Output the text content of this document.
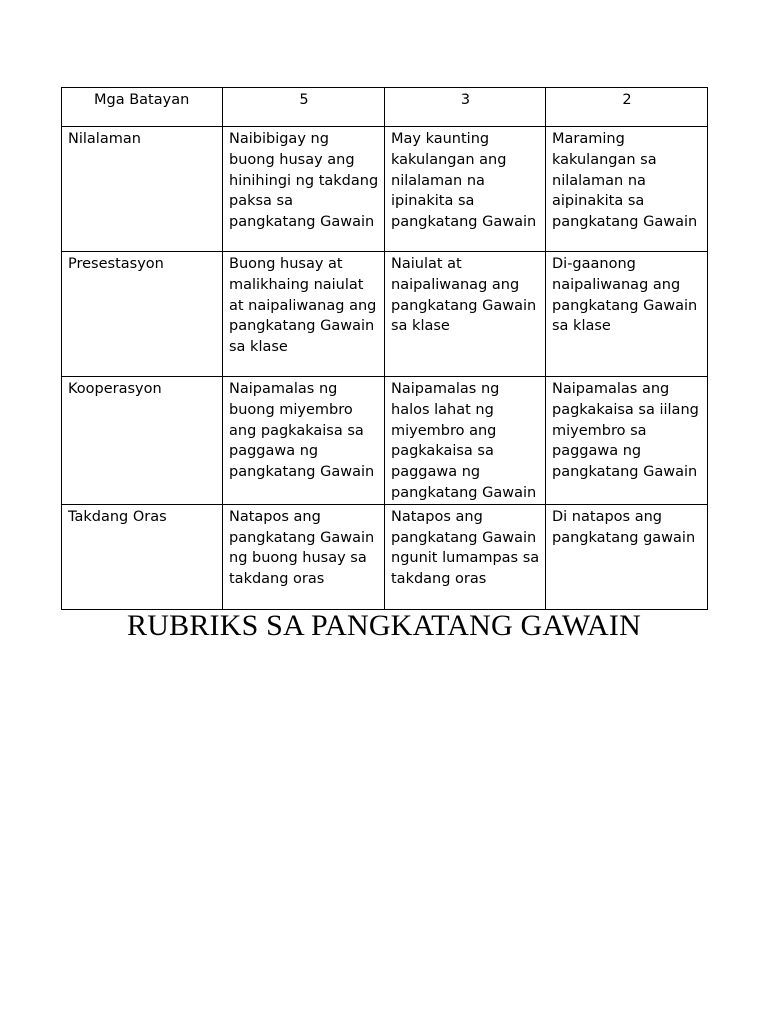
Mga Batayan	5	3	2
Nilalaman	Naibibigay ng buong husay ang hinihingi ng takdang paksa sa pangkatang Gawain	May kaunting kakulangan ang nilalaman na ipinakita sa pangkatang Gawain	Maraming kakulangan sa nilalaman na aipinakita sa pangkatang Gawain
Presestasyon	Buong husay at malikhaing naiulat at naipaliwanag ang pangkatang Gawain sa klase	Naiulat at naipaliwanag ang pangkatang Gawain sa klase	Di-gaanong naipaliwanag ang pangkatang Gawain sa klase
Kooperasyon	Naipamalas ng buong miyembro ang pagkakaisa sa paggawa ng pangkatang Gawain	Naipamalas ng halos lahat ng miyembro ang pagkakaisa sa paggawa ng pangkatang Gawain	Naipamalas ang pagkakaisa sa iilang miyembro sa paggawa ng pangkatang Gawain
Takdang Oras	Natapos ang pangkatang Gawain ng buong husay sa takdang oras	Natapos ang pangkatang Gawain ngunit lumampas sa takdang oras	Di natapos ang pangkatang gawain
RUBRIKS SA PANGKATANG GAWAIN
